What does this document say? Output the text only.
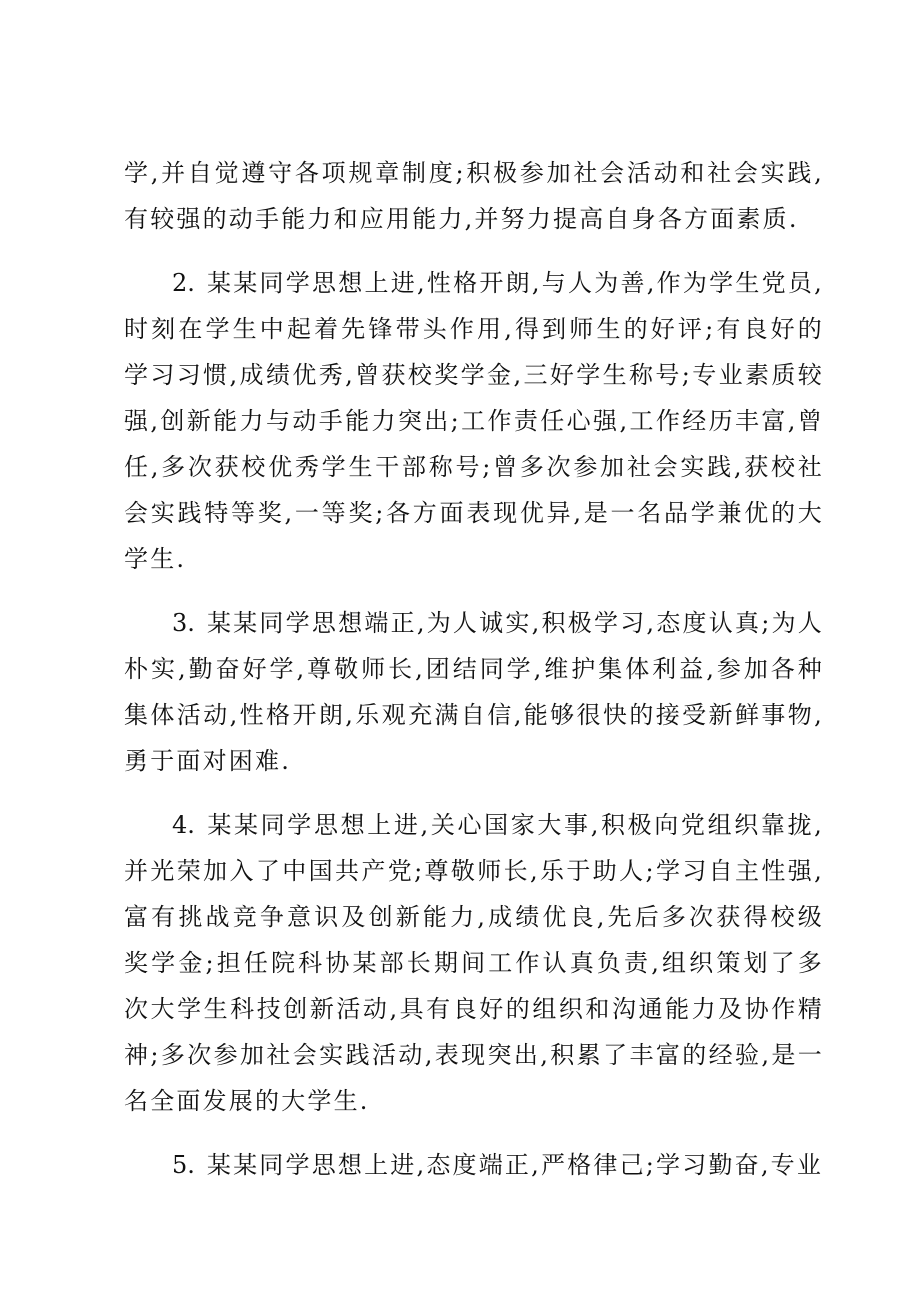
学,并自觉遵守各项规章制度;积极参加社会活动和社会实践,有较强的动手能力和应用能力,并努力提高自身各方面素质.

2. 某某同学思想上进,性格开朗,与人为善,作为学生党员,时刻在学生中起着先锋带头作用,得到师生的好评;有良好的学习习惯,成绩优秀,曾获校奖学金,三好学生称号;专业素质较强,创新能力与动手能力突出;工作责任心强,工作经历丰富,曾任,多次获校优秀学生干部称号;曾多次参加社会实践,获校社会实践特等奖,一等奖;各方面表现优异,是一名品学兼优的大学生.

3. 某某同学思想端正,为人诚实,积极学习,态度认真;为人朴实,勤奋好学,尊敬师长,团结同学,维护集体利益,参加各种集体活动,性格开朗,乐观充满自信,能够很快的接受新鲜事物,勇于面对困难.

4. 某某同学思想上进,关心国家大事,积极向党组织靠拢,并光荣加入了中国共产党;尊敬师长,乐于助人;学习自主性强,富有挑战竞争意识及创新能力,成绩优良,先后多次获得校级奖学金;担任院科协某部长期间工作认真负责,组织策划了多次大学生科技创新活动,具有良好的组织和沟通能力及协作精神;多次参加社会实践活动,表现突出,积累了丰富的经验,是一名全面发展的大学生.

5. 某某同学思想上进,态度端正,严格律己;学习勤奋,专业
